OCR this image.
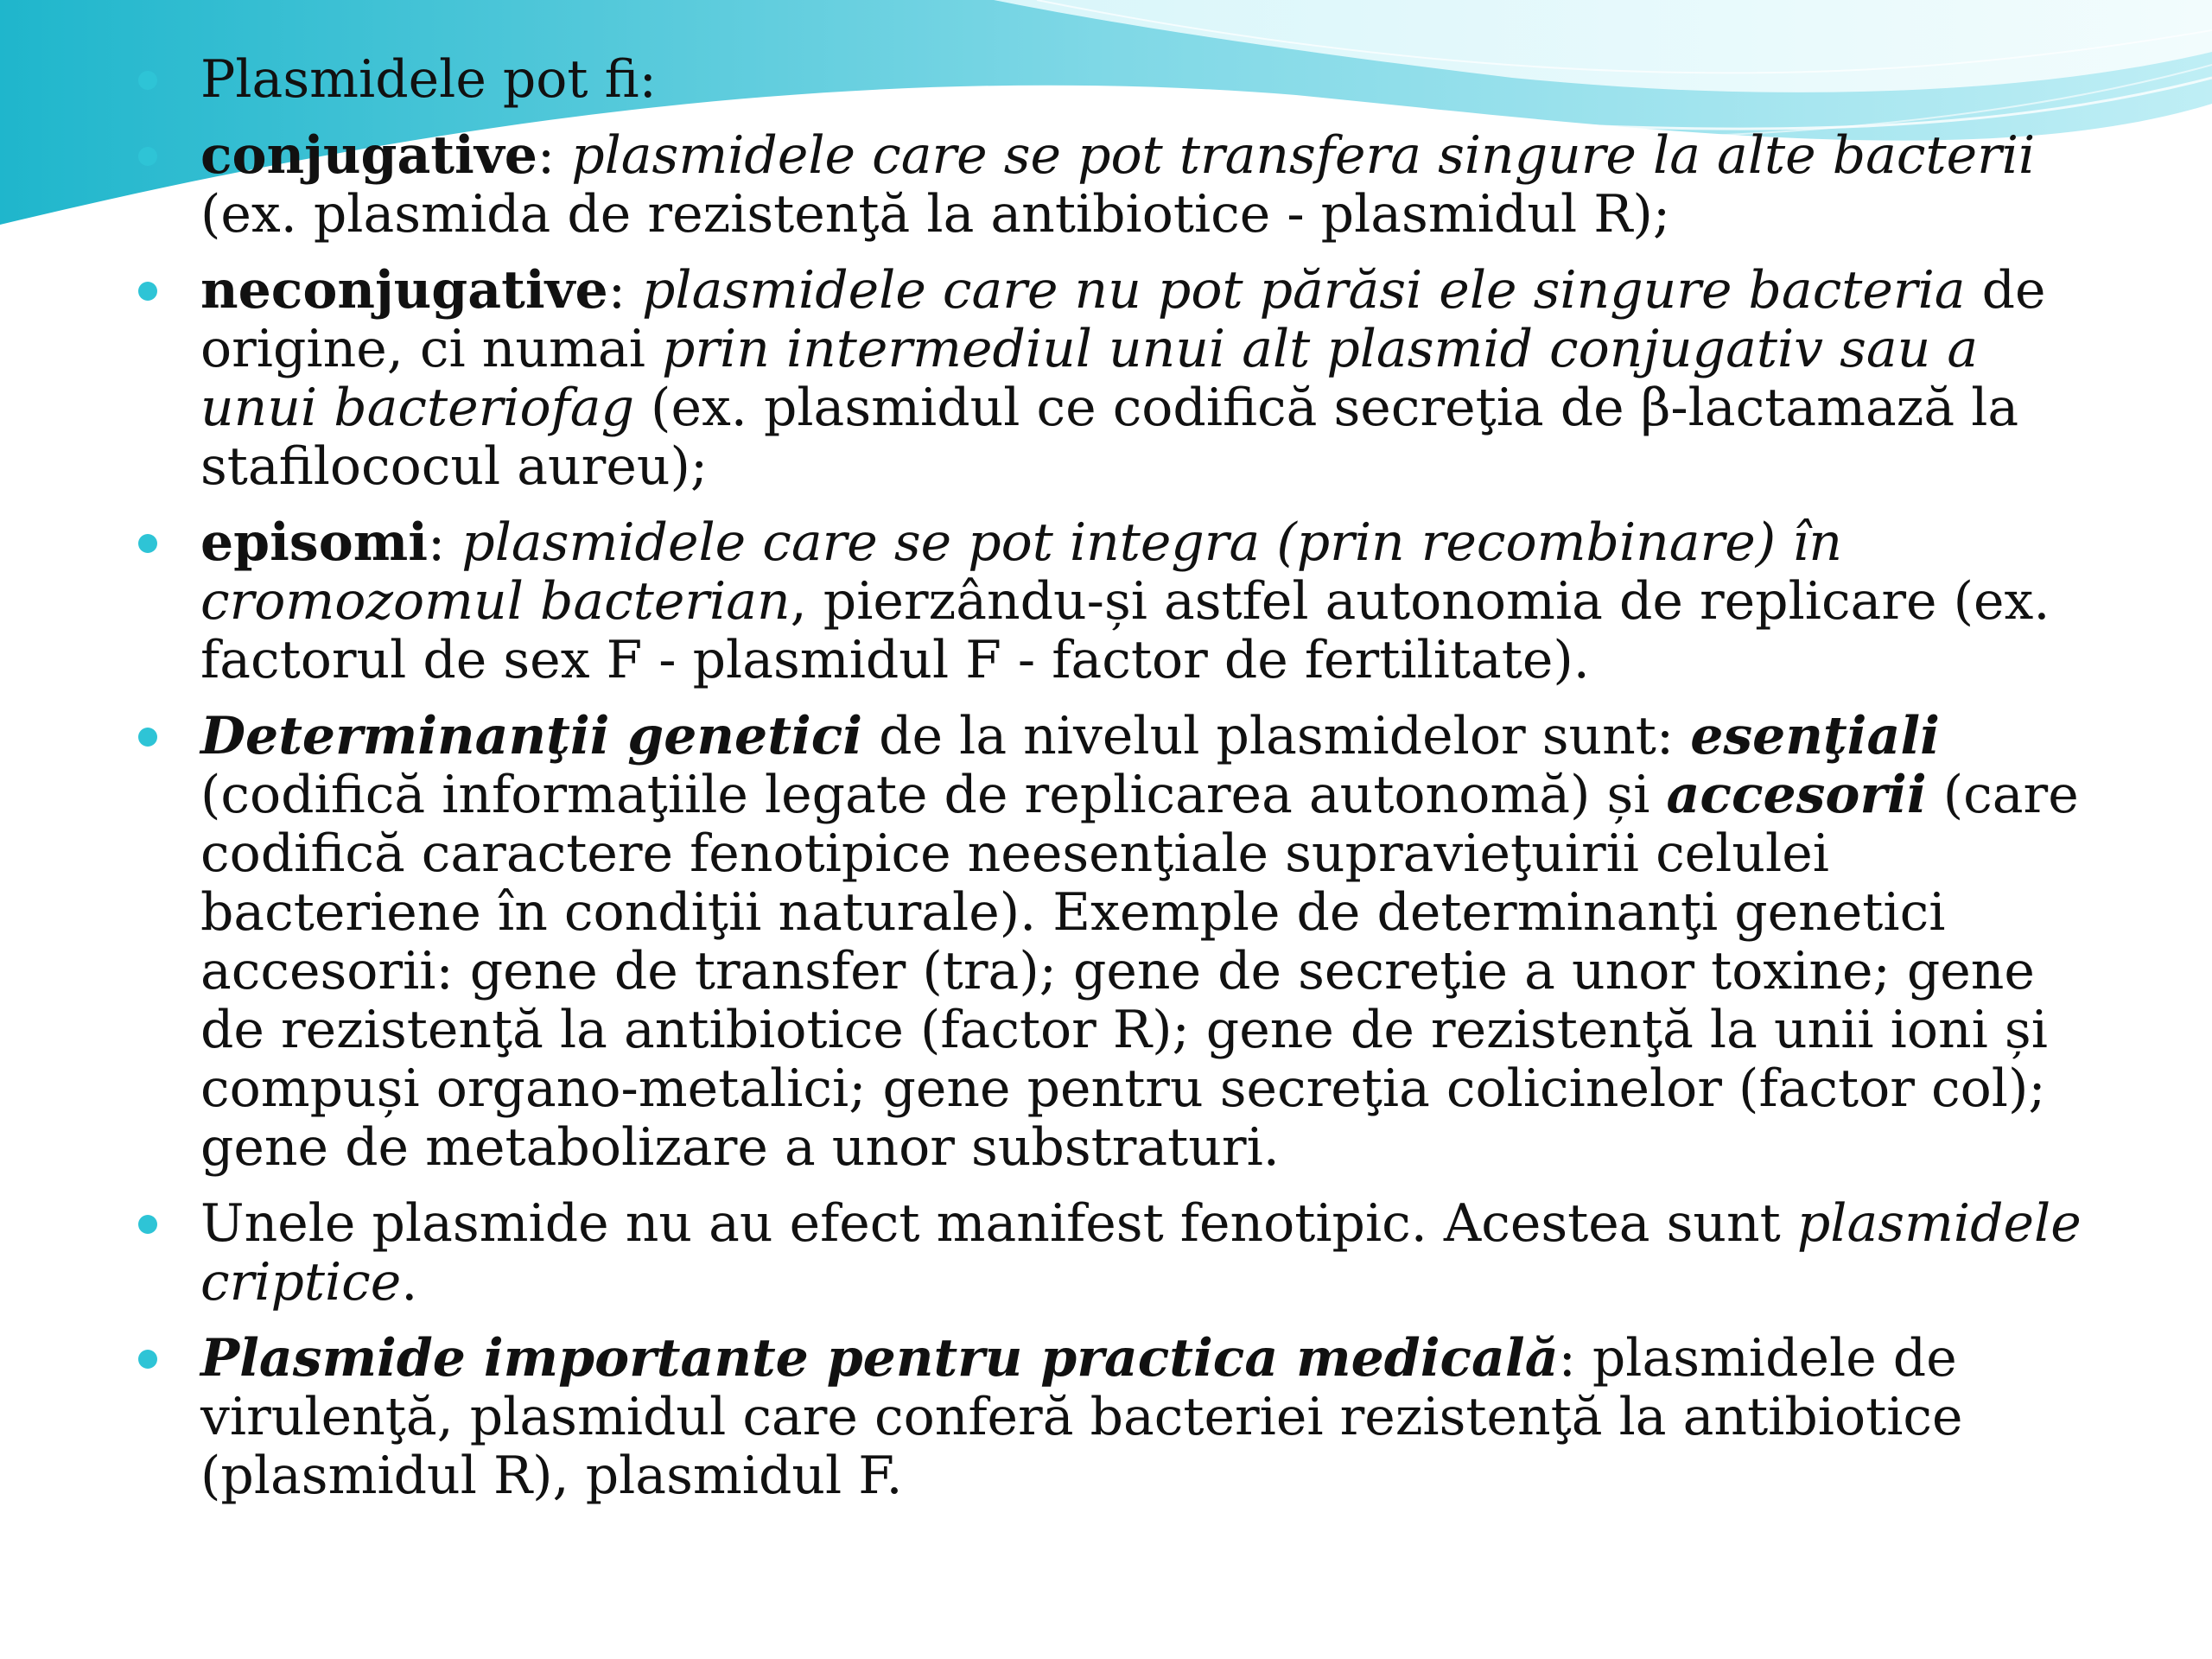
Plasmidele pot fi:
conjugative: plasmidele care se pot transfera singure la alte bacterii (ex. plasmida de rezistenţă la antibiotice - plasmidul R);
neconjugative: plasmidele care nu pot părăsi ele singure bacteria de origine, ci numai prin intermediul unui alt plasmid conjugativ sau a unui bacteriofag (ex. plasmidul ce codifică secreţia de β-lactamază la stafilococul aureu);
episomi: plasmidele care se pot integra (prin recombinare) în cromozomul bacterian, pierzându-și astfel autonomia de replicare (ex. factorul de sex F - plasmidul F - factor de fertilitate).
Determinanţii genetici de la nivelul plasmidelor sunt: esenţiali (codifică informaţiile legate de replicarea autonomă) și accesorii (care codifică caractere fenotipice neesenţiale supravieţuirii celulei bacteriene în condiţii naturale). Exemple de determinanţi genetici accesorii: gene de transfer (tra); gene de secreţie a unor toxine; gene de rezistenţă la antibiotice (factor R); gene de rezistenţă la unii ioni și compuși organo-metalici; gene pentru secreţia colicinelor (factor col); gene de metabolizare a unor substraturi.
Unele plasmide nu au efect manifest fenotipic. Acestea sunt plasmidele criptice.
Plasmide importante pentru practica medicală: plasmidele de virulenţă, plasmidul care conferă bacteriei rezistenţă la antibiotice (plasmidul R), plasmidul F.
